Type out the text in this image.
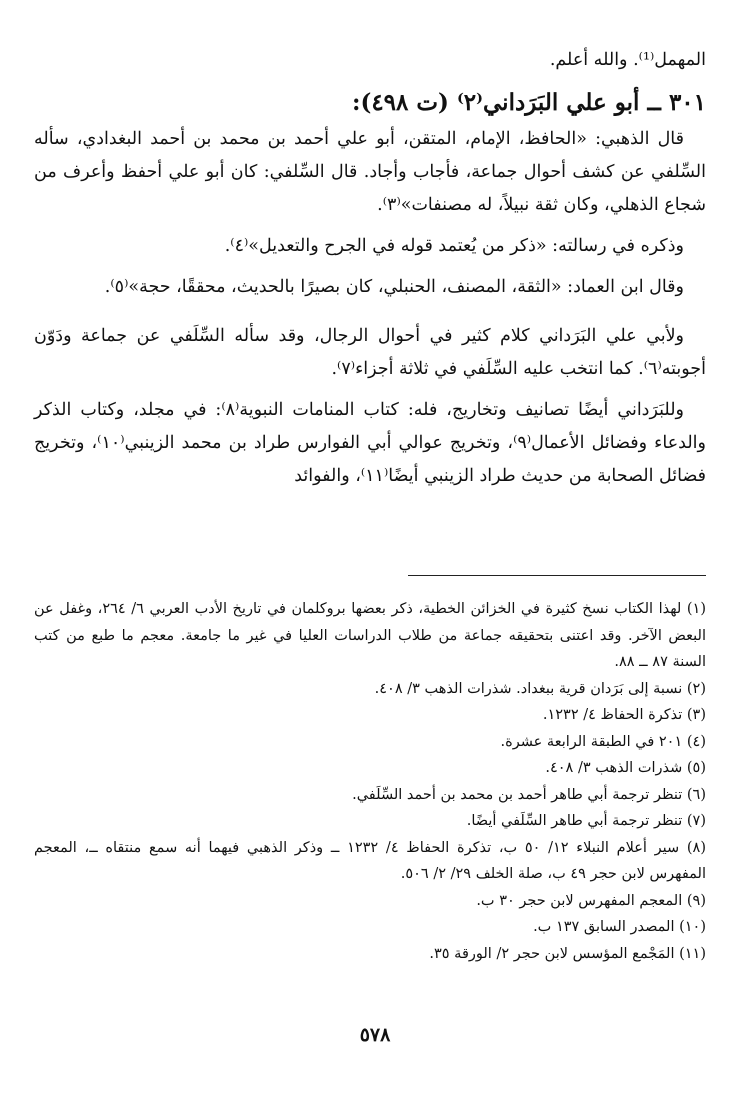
المهمل⁽¹⁾. والله أعلم.

٣٠١ ــ أبو علي البَرَداني⁽٢⁾ (ت ٤٩٨):

قال الذهبي: «الحافظ، الإمام، المتقن، أبو علي أحمد بن محمد بن أحمد البغدادي، سأله السِّلفي عن كشف أحوال جماعة، فأجاب وأجاد. قال السِّلفي: كان أبو علي أحفظ وأعرف من شجاع الذهلي، وكان ثقة نبيلاً، له مصنفات»⁽٣⁾.

وذكره في رسالته: «ذكر من يُعتمد قوله في الجرح والتعديل»⁽٤⁾.

وقال ابن العماد: «الثقة، المصنف، الحنبلي، كان بصيرًا بالحديث، محققًا، حجة»⁽٥⁾.

ولأبي علي البَرَداني كلام كثير في أحوال الرجال، وقد سأله السِّلَفي عن جماعة ودَوّن أجوبته⁽٦⁾. كما انتخب عليه السِّلَفي في ثلاثة أجزاء⁽٧⁾.

وللبَرَداني أيضًا تصانيف وتخاريج، فله: كتاب المنامات النبوية⁽٨⁾: في مجلد، وكتاب الذكر والدعاء وفضائل الأعمال⁽٩⁾، وتخريج عوالي أبي الفوارس طراد بن محمد الزينبي⁽١٠⁾، وتخريج فضائل الصحابة من حديث طراد الزينبي أيضًا⁽١١⁾، والفوائد

(١) لهذا الكتاب نسخ كثيرة في الخزائن الخطية، ذكر بعضها بروكلمان في تاريخ الأدب العربي ٦/ ٢٦٤، وغفل عن البعض الآخر. وقد اعتنى بتحقيقه جماعة من طلاب الدراسات العليا في غير ما جامعة. معجم ما طبع من كتب السنة ٨٧ ــ ٨٨.

(٢) نسبة إلى بَرَدان قرية ببغداد. شذرات الذهب ٣/ ٤٠٨.

(٣) تذكرة الحفاظ ٤/ ١٢٣٢.

(٤) ٢٠١ في الطبقة الرابعة عشرة.

(٥) شذرات الذهب ٣/ ٤٠٨.

(٦) تنظر ترجمة أبي طاهر أحمد بن محمد بن أحمد السِّلَفي.

(٧) تنظر ترجمة أبي طاهر السِّلَفي أيضًا.

(٨) سير أعلام النبلاء ١٢/ ٥٠ ب، تذكرة الحفاظ ٤/ ١٢٣٢ ــ وذكر الذهبي فيهما أنه سمع منتقاه ــ، المعجم المفهرس لابن حجر ٤٩ ب، صلة الخلف ٢٩/ ٢/ ٥٠٦.

(٩) المعجم المفهرس لابن حجر ٣٠ ب.

(١٠) المصدر السابق ١٣٧ ب.

(١١) المَجْمع المؤسس لابن حجر ٢/ الورقة ٣٥.

٥٧٨
